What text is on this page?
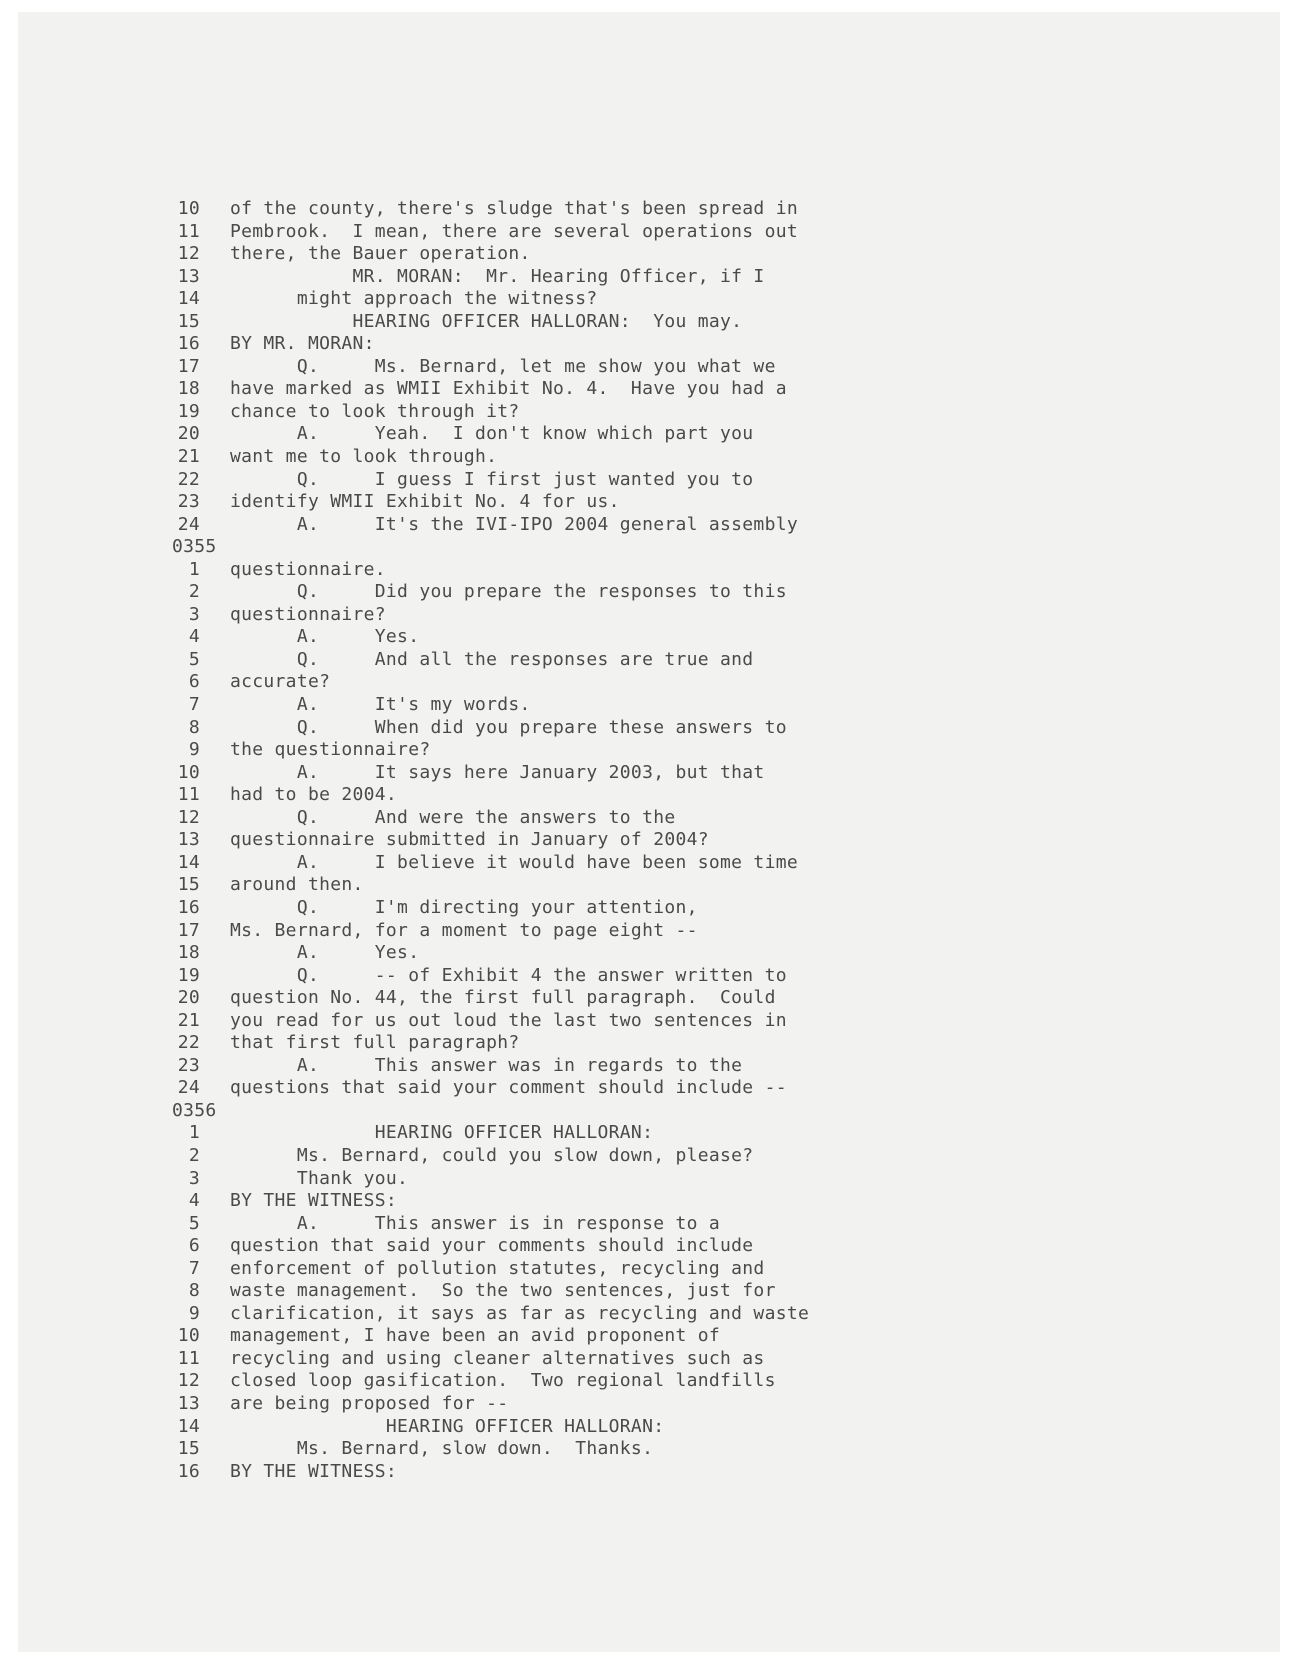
10 of the county, there's sludge that's been spread in
11 Pembrook.  I mean, there are several operations out
12 there, the Bauer operation.
13 MR. MORAN:  Mr. Hearing Officer, if I
14 might approach the witness?
15 HEARING OFFICER HALLORAN:  You may.
16 BY MR. MORAN:
17 Q.     Ms. Bernard, let me show you what we
18 have marked as WMII Exhibit No. 4.  Have you had a
19 chance to look through it?
20 A.     Yeah.  I don't know which part you
21 want me to look through.
22 Q.     I guess I first just wanted you to
23 identify WMII Exhibit No. 4 for us.
24 A.     It's the IVI-IPO 2004 general assembly
0355
1 questionnaire.
2 Q.     Did you prepare the responses to this
3 questionnaire?
4 A.     Yes.
5 Q.     And all the responses are true and
6 accurate?
7 A.     It's my words.
8 Q.     When did you prepare these answers to
9 the questionnaire?
10 A.     It says here January 2003, but that
11 had to be 2004.
12 Q.     And were the answers to the
13 questionnaire submitted in January of 2004?
14 A.     I believe it would have been some time
15 around then.
16 Q.     I'm directing your attention,
17 Ms. Bernard, for a moment to page eight --
18 A.     Yes.
19 Q.     -- of Exhibit 4 the answer written to
20 question No. 44, the first full paragraph.  Could
21 you read for us out loud the last two sentences in
22 that first full paragraph?
23 A.     This answer was in regards to the
24 questions that said your comment should include --
0356
1 HEARING OFFICER HALLORAN:
2 Ms. Bernard, could you slow down, please?
3 Thank you.
4 BY THE WITNESS:
5 A.     This answer is in response to a
6 question that said your comments should include
7 enforcement of pollution statutes, recycling and
8 waste management.  So the two sentences, just for
9 clarification, it says as far as recycling and waste
10 management, I have been an avid proponent of
11 recycling and using cleaner alternatives such as
12 closed loop gasification.  Two regional landfills
13 are being proposed for --
14 HEARING OFFICER HALLORAN:
15 Ms. Bernard, slow down.  Thanks.
16 BY THE WITNESS:
